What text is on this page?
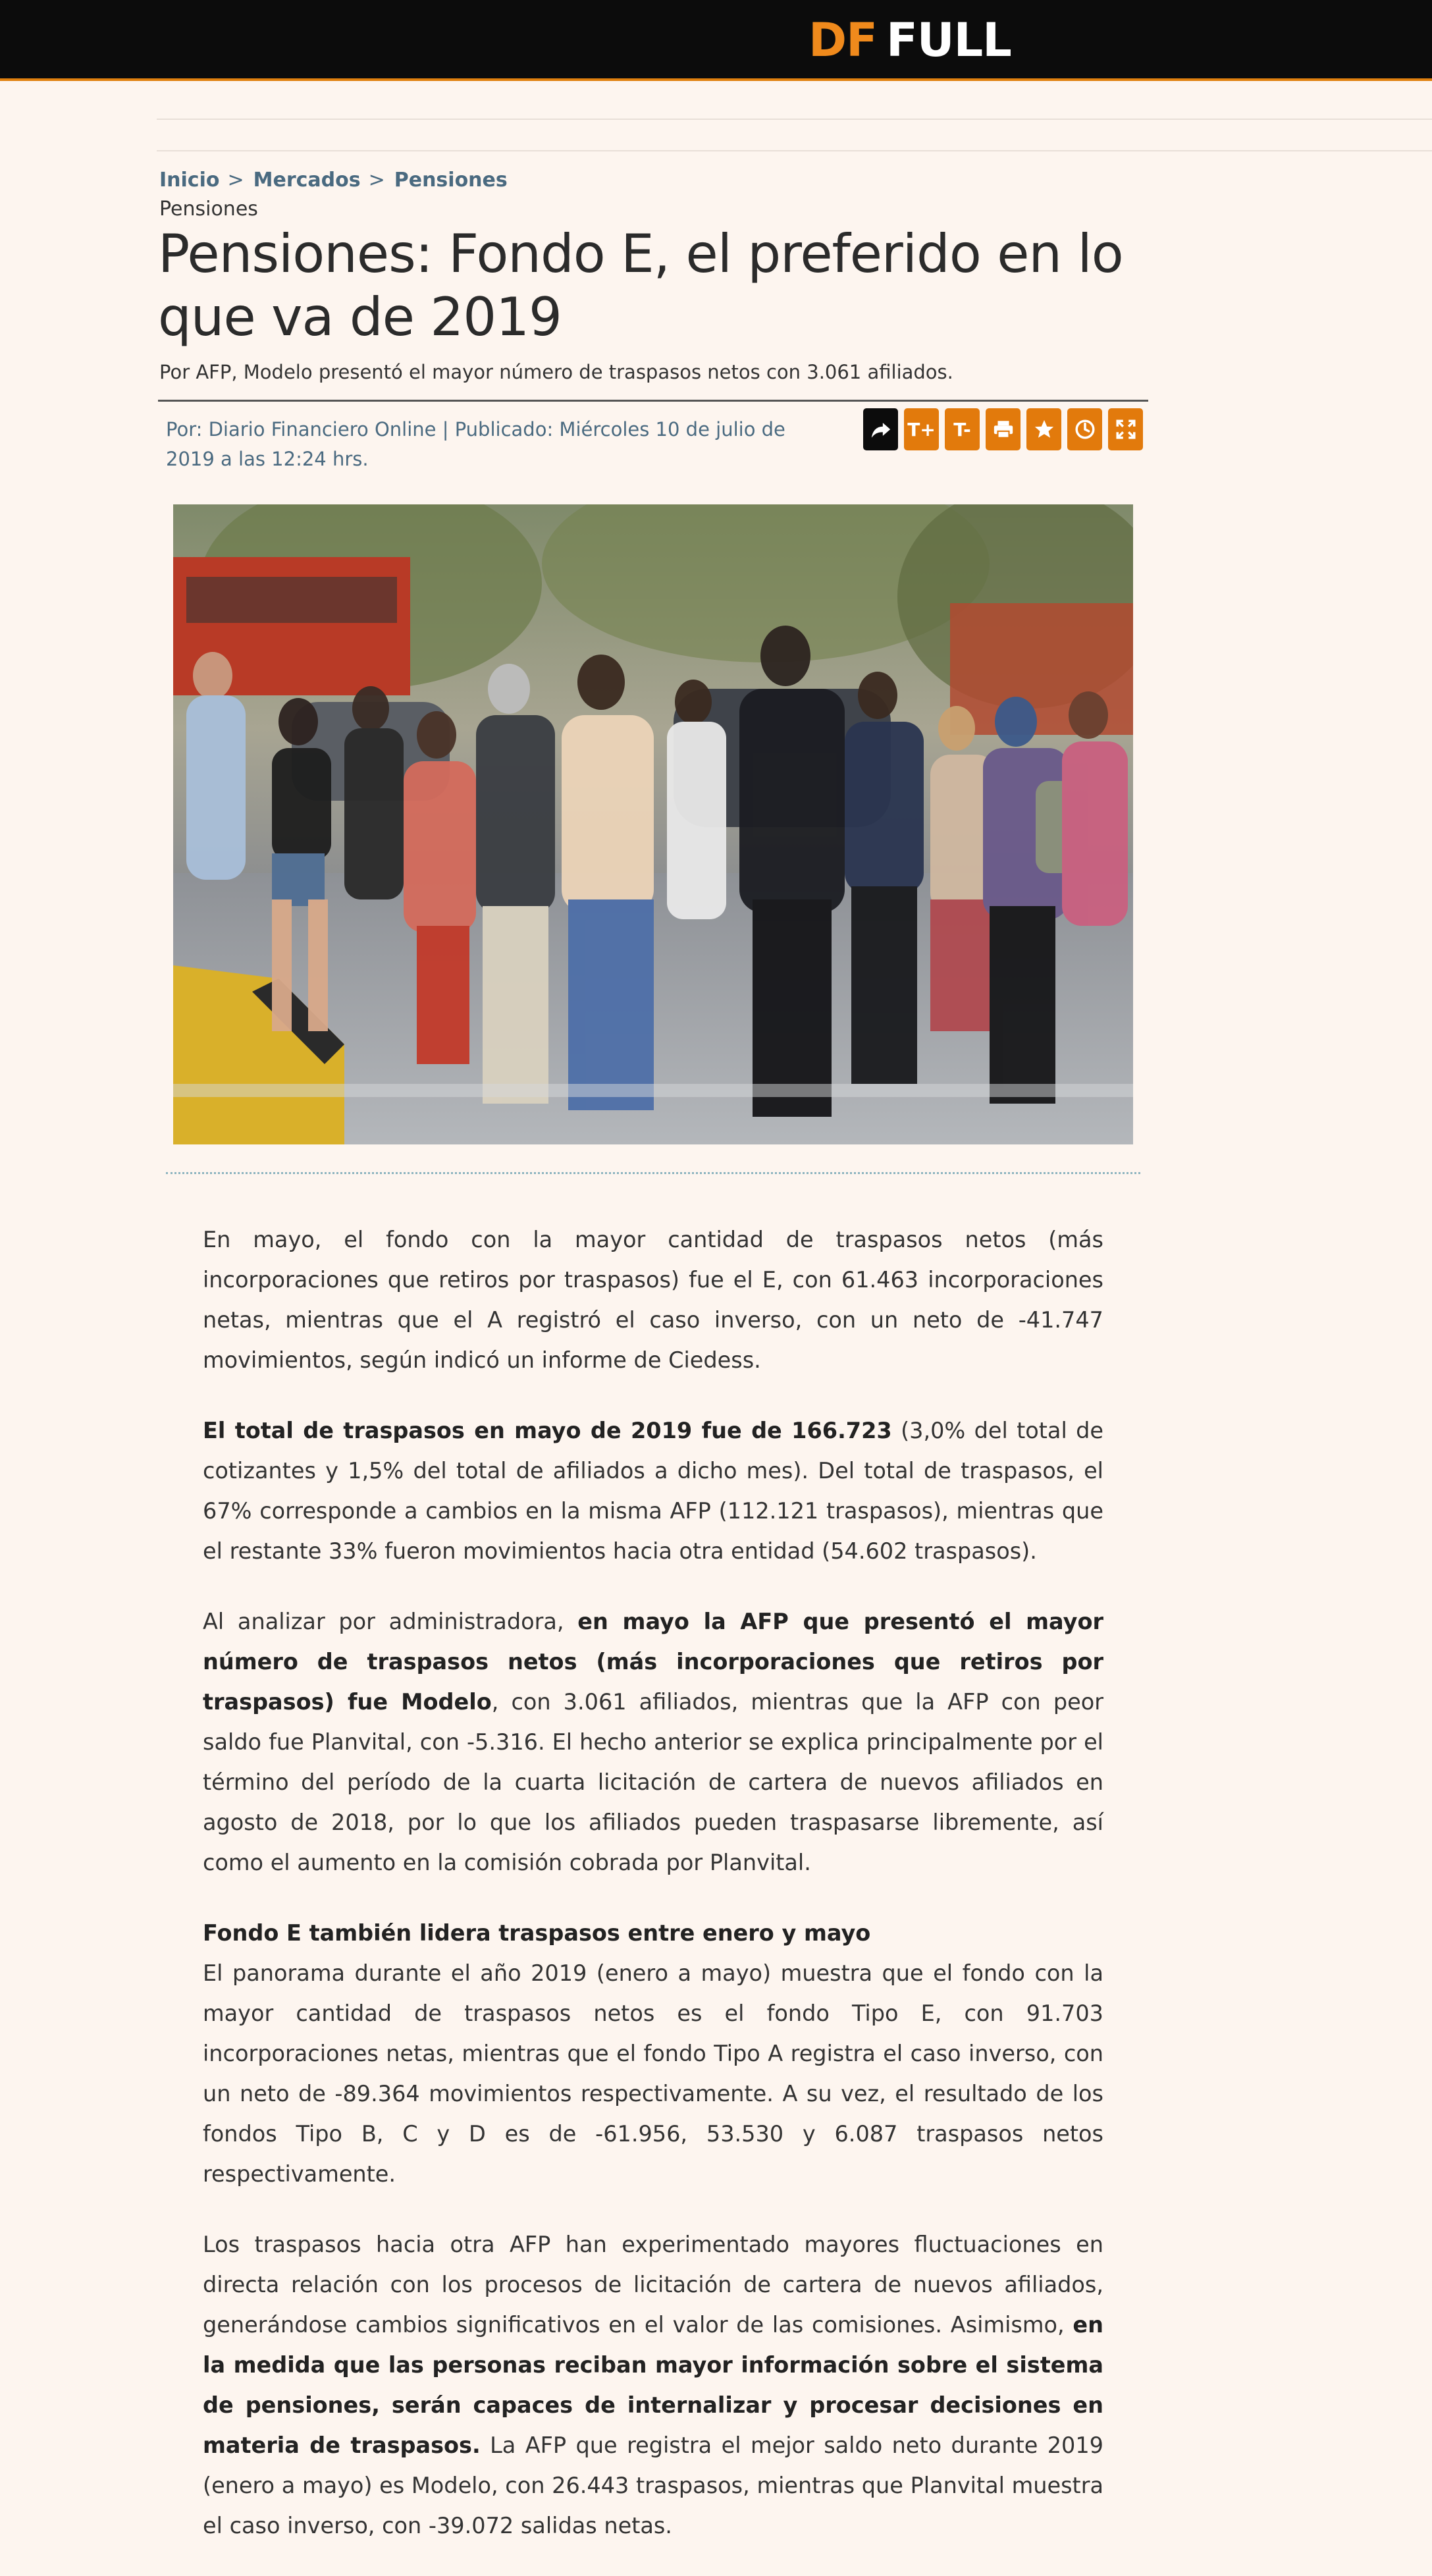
DF FULL
Inicio > Mercados > Pensiones
Pensiones
Pensiones: Fondo E, el preferido en lo que va de 2019
Por AFP, Modelo presentó el mayor número de traspasos netos con 3.061 afiliados.
Por: Diario Financiero Online | Publicado: Miércoles 10 de julio de 2019 a las 12:24 hrs.
T+ T-

En mayo, el fondo con la mayor cantidad de traspasos netos (más incorporaciones que retiros por traspasos) fue el E, con 61.463 incorporaciones netas, mientras que el A registró el caso inverso, con un neto de -41.747 movimientos, según indicó un informe de Ciedess.

El total de traspasos en mayo de 2019 fue de 166.723 (3,0% del total de cotizantes y 1,5% del total de afiliados a dicho mes). Del total de traspasos, el 67% corresponde a cambios en la misma AFP (112.121 traspasos), mientras que el restante 33% fueron movimientos hacia otra entidad (54.602 traspasos).

Al analizar por administradora, en mayo la AFP que presentó el mayor número de traspasos netos (más incorporaciones que retiros por traspasos) fue Modelo, con 3.061 afiliados, mientras que la AFP con peor saldo fue Planvital, con -5.316. El hecho anterior se explica principalmente por el término del período de la cuarta licitación de cartera de nuevos afiliados en agosto de 2018, por lo que los afiliados pueden traspasarse libremente, así como el aumento en la comisión cobrada por Planvital.

Fondo E también lidera traspasos entre enero y mayo

El panorama durante el año 2019 (enero a mayo) muestra que el fondo con la mayor cantidad de traspasos netos es el fondo Tipo E, con 91.703 incorporaciones netas, mientras que el fondo Tipo A registra el caso inverso, con un neto de -89.364 movimientos respectivamente. A su vez, el resultado de los fondos Tipo B, C y D es de -61.956, 53.530 y 6.087 traspasos netos respectivamente.

Los traspasos hacia otra AFP han experimentado mayores fluctuaciones en directa relación con los procesos de licitación de cartera de nuevos afiliados, generándose cambios significativos en el valor de las comisiones. Asimismo, en la medida que las personas reciban mayor información sobre el sistema de pensiones, serán capaces de internalizar y procesar decisiones en materia de traspasos. La AFP que registra el mejor saldo neto durante 2019 (enero a mayo) es Modelo, con 26.443 traspasos, mientras que Planvital muestra el caso inverso, con -39.072 salidas netas.
